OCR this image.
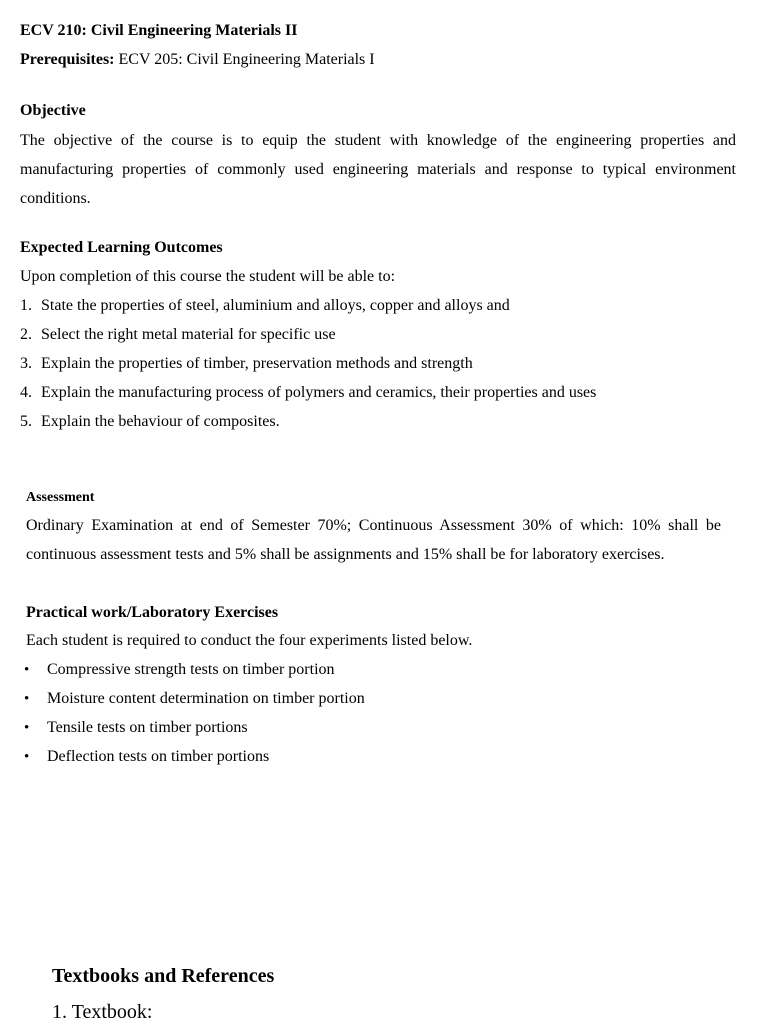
ECV 210: Civil Engineering Materials II

Prerequisites: ECV 205: Civil Engineering Materials I

Objective

The objective of the course is to equip the student with knowledge of the engineering properties and manufacturing properties of commonly used engineering materials and response to typical environment conditions.

Expected Learning Outcomes

Upon completion of this course the student will be able to:

1. State the properties of steel, aluminium and alloys, copper and alloys and
2. Select the right metal material for specific use
3. Explain the properties of timber, preservation methods and strength
4. Explain the manufacturing process of polymers and ceramics, their properties and uses
5. Explain the behaviour of composites.

Assessment

Ordinary Examination at end of Semester 70%; Continuous Assessment 30% of which: 10% shall be continuous assessment tests and 5% shall be assignments and 15% shall be for laboratory exercises.

Practical work/Laboratory Exercises

Each student is required to conduct the four experiments listed below.

•	Compressive strength tests on timber portion
•	Moisture content determination on timber portion
•	Tensile tests on timber portions
•	Deflection tests on timber portions

Textbooks and References

1. Textbook:
